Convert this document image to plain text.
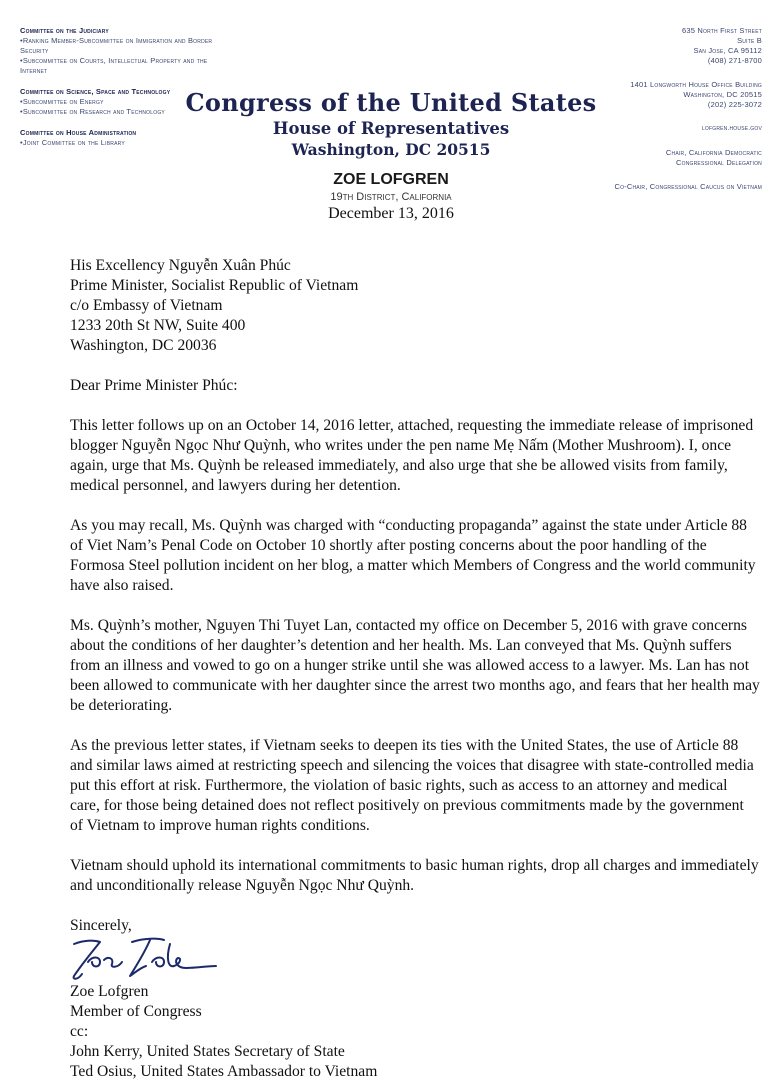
Committee on the Judiciary
•Ranking Member-Subcommittee on Immigration and Border Security
•Subcommittee on Courts, Intellectual Property and the Internet
Committee on Science, Space and Technology
•Subcommittee on Energy
•Subcommittee on Research and Technology
Committee on House Administration
•Joint Committee on the Library
635 North First Street
Suite B
San Jose, CA 95112
(408) 271-8700
1401 Longworth House Office Building
Washington, DC 20515
(202) 225-3072
lofgren.house.gov
Chair, California Democratic
Congressional Delegation
Co-Chair, Congressional Caucus on Vietnam
Congress of the United States
House of Representatives
Washington, DC 20515
ZOE LOFGREN
19th District, California
December 13, 2016
His Excellency Nguyễn Xuân Phúc
Prime Minister, Socialist Republic of Vietnam
c/o Embassy of Vietnam
1233 20th St NW, Suite 400
Washington, DC 20036
Dear Prime Minister Phúc:
This letter follows up on an October 14, 2016 letter, attached, requesting the immediate release of imprisoned blogger Nguyễn Ngọc Như Quỳnh, who writes under the pen name Mẹ Nấm (Mother Mushroom). I, once again, urge that Ms. Quỳnh be released immediately, and also urge that she be allowed visits from family, medical personnel, and lawyers during her detention.
As you may recall, Ms. Quỳnh was charged with “conducting propaganda” against the state under Article 88 of Viet Nam’s Penal Code on October 10 shortly after posting concerns about the poor handling of the Formosa Steel pollution incident on her blog, a matter which Members of Congress and the world community have also raised.
Ms. Quỳnh’s mother, Nguyen Thi Tuyet Lan, contacted my office on December 5, 2016 with grave concerns about the conditions of her daughter’s detention and her health. Ms. Lan conveyed that Ms. Quỳnh suffers from an illness and vowed to go on a hunger strike until she was allowed access to a lawyer. Ms. Lan has not been allowed to communicate with her daughter since the arrest two months ago, and fears that her health may be deteriorating.
As the previous letter states, if Vietnam seeks to deepen its ties with the United States, the use of Article 88 and similar laws aimed at restricting speech and silencing the voices that disagree with state-controlled media put this effort at risk. Furthermore, the violation of basic rights, such as access to an attorney and medical care, for those being detained does not reflect positively on previous commitments made by the government of Vietnam to improve human rights conditions.
Vietnam should uphold its international commitments to basic human rights, drop all charges and immediately and unconditionally release Nguyễn Ngọc Như Quỳnh.
Sincerely,
Zoe Lofgren
Member of Congress
cc:
John Kerry, United States Secretary of State
Ted Osius, United States Ambassador to Vietnam
